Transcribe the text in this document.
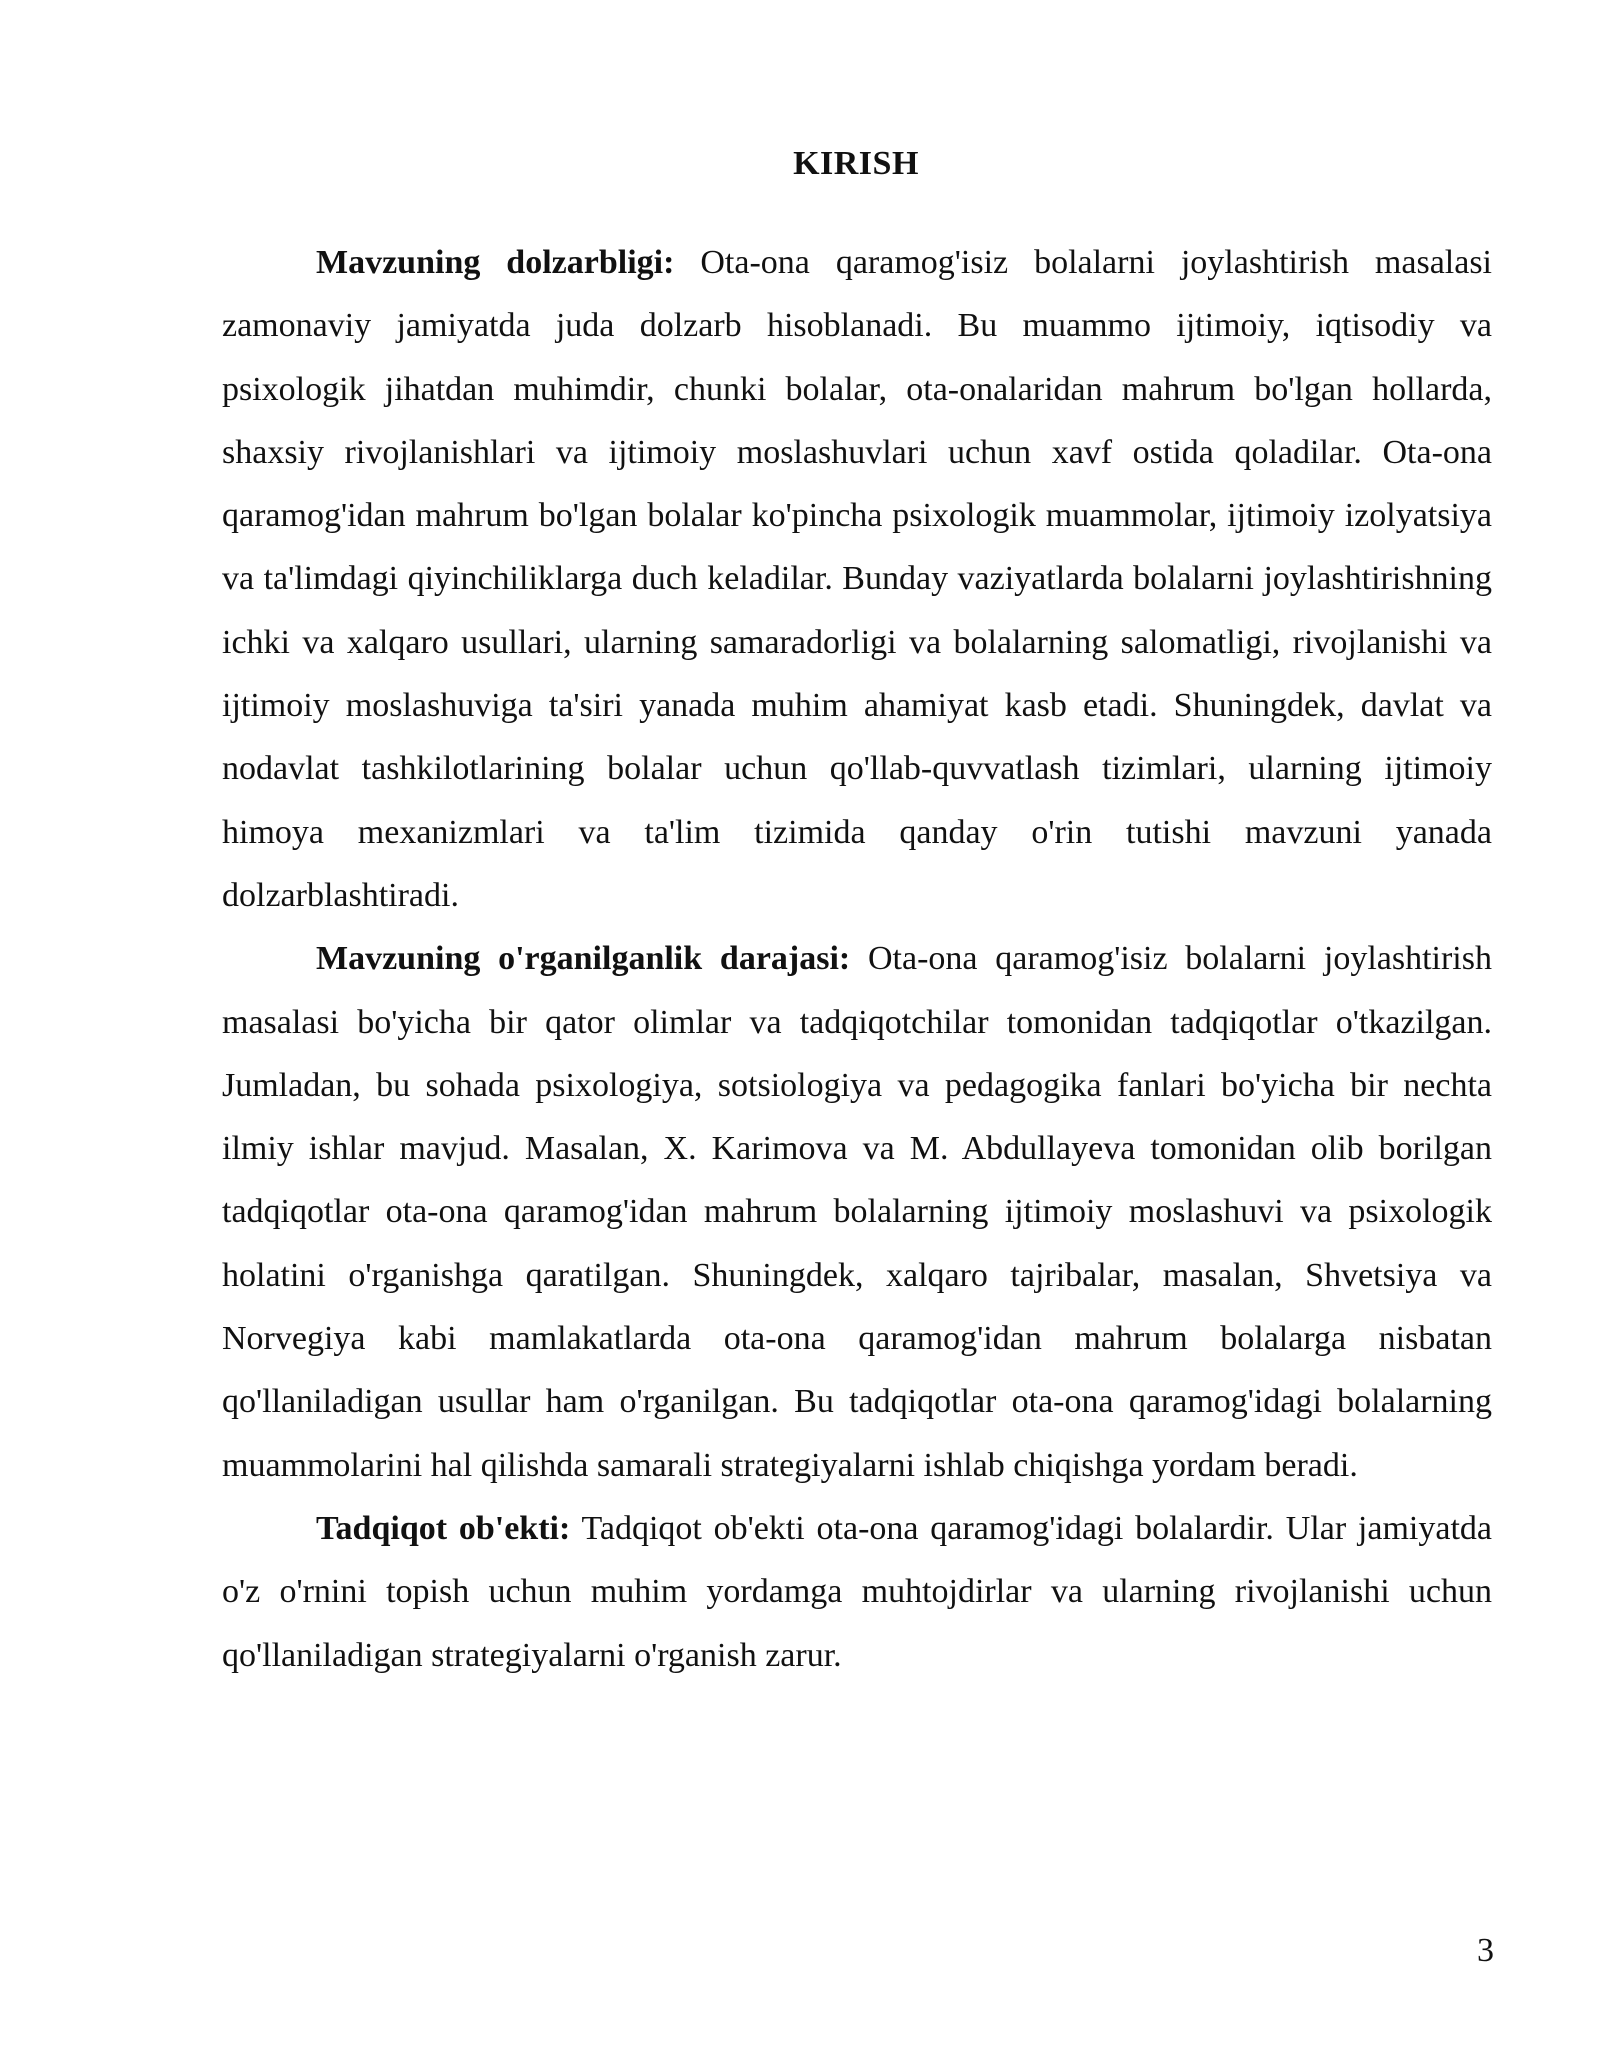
KIRISH

Mavzuning dolzarbligi: Ota-ona qaramog'isiz bolalarni joylashtirish masalasi zamonaviy jamiyatda juda dolzarb hisoblanadi. Bu muammo ijtimoiy, iqtisodiy va psixologik jihatdan muhimdir, chunki bolalar, ota-onalaridan mahrum bo'lgan hollarda, shaxsiy rivojlanishlari va ijtimoiy moslashuvlari uchun xavf ostida qoladilar. Ota-ona qaramog'idan mahrum bo'lgan bolalar ko'pincha psixologik muammolar, ijtimoiy izolyatsiya va ta'limdagi qiyinchiliklarga duch keladilar. Bunday vaziyatlarda bolalarni joylashtirishning ichki va xalqaro usullari, ularning samaradorligi va bolalarning salomatligi, rivojlanishi va ijtimoiy moslashuviga ta'siri yanada muhim ahamiyat kasb etadi. Shuningdek, davlat va nodavlat tashkilotlarining bolalar uchun qo'llab-quvvatlash tizimlari, ularning ijtimoiy himoya mexanizmlari va ta'lim tizimida qanday o'rin tutishi mavzuni yanada dolzarblashtiradi.

Mavzuning o'rganilganlik darajasi: Ota-ona qaramog'isiz bolalarni joylashtirish masalasi bo'yicha bir qator olimlar va tadqiqotchilar tomonidan tadqiqotlar o'tkazilgan. Jumladan, bu sohada psixologiya, sotsiologiya va pedagogika fanlari bo'yicha bir nechta ilmiy ishlar mavjud. Masalan, X. Karimova va M. Abdullayeva tomonidan olib borilgan tadqiqotlar ota-ona qaramog'idan mahrum bolalarning ijtimoiy moslashuvi va psixologik holatini o'rganishga qaratilgan. Shuningdek, xalqaro tajribalar, masalan, Shvetsiya va Norvegiya kabi mamlakatlarda ota-ona qaramog'idan mahrum bolalarga nisbatan qo'llaniladigan usullar ham o'rganilgan. Bu tadqiqotlar ota-ona qaramog'idagi bolalarning muammolarini hal qilishda samarali strategiyalarni ishlab chiqishga yordam beradi.

Tadqiqot ob'ekti: Tadqiqot ob'ekti ota-ona qaramog'idagi bolalardir. Ular jamiyatda o'z o'rnini topish uchun muhim yordamga muhtojdirlar va ularning rivojlanishi uchun qo'llaniladigan strategiyalarni o'rganish zarur.

3
